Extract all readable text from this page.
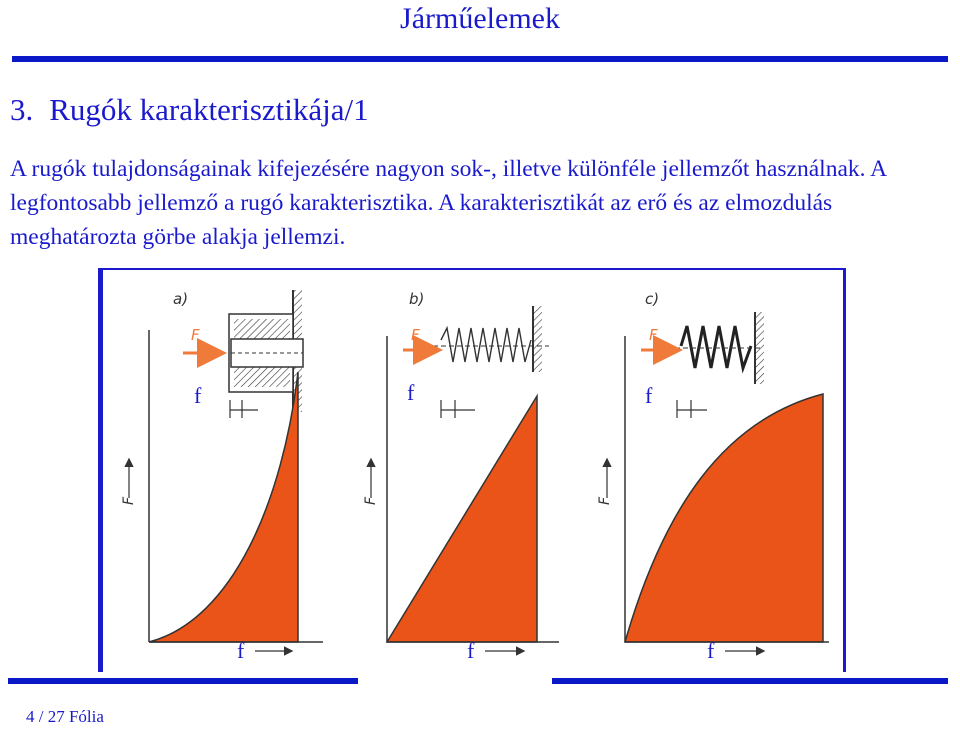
Járműelemek
3. Rugók karakterisztikája/1
A rugók tulajdonságainak kifejezésére nagyon sok-, illetve különféle jellemzőt használnak. A legfontosabb jellemző a rugó karakterisztika. A karakterisztikát az erő és az elmozdulás meghatározta görbe alakja jellemzi.
a)
F
f
F
f
b)
F
f
F
f
c)
F
f
F
f
4 / 27 Fólia
